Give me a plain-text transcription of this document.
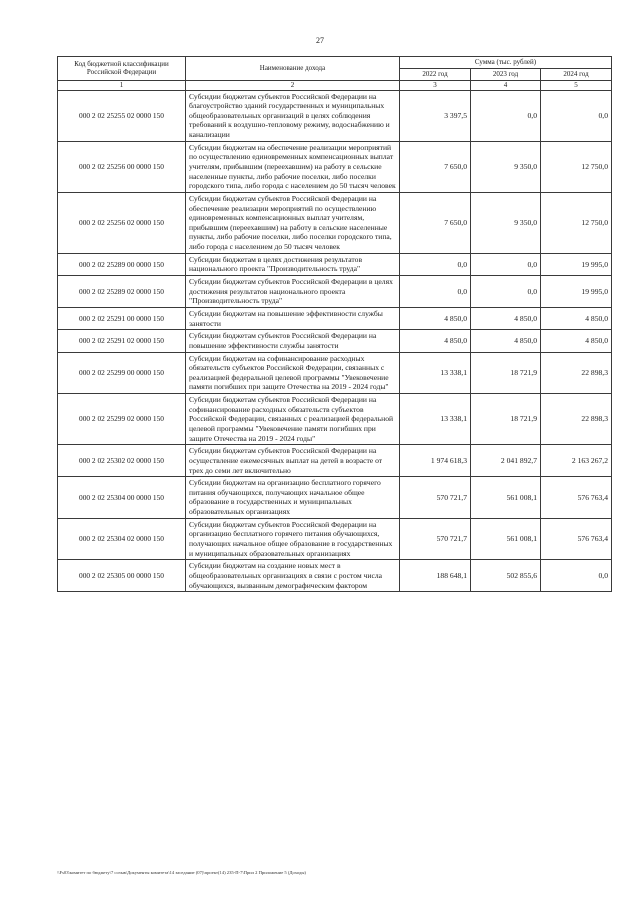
27
Код бюджетной классификации Российской Федерации	Наименование дохода	Сумма (тыс. рублей)		
		2022 год	2023 год	2024 год
1	2	3	4	5
000 2 02 25255 02 0000 150	Субсидии бюджетам субъектов Российской Федерации на благоустройство зданий государственных и муниципальных общеобразовательных организаций в целях соблюдения требований к воздушно-тепловому режиму, водоснабжению и канализации	3 397,5	0,0	0,0
000 2 02 25256 00 0000 150	Субсидии бюджетам на обеспечение реализации мероприятий по осуществлению единовременных компенсационных выплат учителям, прибывшим (переехавшим) на работу в сельские населенные пункты, либо рабочие поселки, либо поселки городского типа, либо города с населением до 50 тысяч человек	7 650,0	9 350,0	12 750,0
000 2 02 25256 02 0000 150	Субсидии бюджетам субъектов Российской Федерации на обеспечение реализации мероприятий по осуществлению единовременных компенсационных выплат учителям, прибывшим (переехавшим) на работу в сельские населенные пункты, либо рабочие поселки, либо поселки городского типа, либо города с населением до 50 тысяч человек	7 650,0	9 350,0	12 750,0
000 2 02 25289 00 0000 150	Субсидии бюджетам в целях достижения результатов национального проекта "Производительность труда"	0,0	0,0	19 995,0
000 2 02 25289 02 0000 150	Субсидии бюджетам субъектов Российской Федерации в целях достижения результатов национального проекта "Производительность труда"	0,0	0,0	19 995,0
000 2 02 25291 00 0000 150	Субсидии бюджетам на повышение эффективности службы занятости	4 850,0	4 850,0	4 850,0
000 2 02 25291 02 0000 150	Субсидии бюджетам субъектов Российской Федерации на повышение эффективности службы занятости	4 850,0	4 850,0	4 850,0
000 2 02 25299 00 0000 150	Субсидии бюджетам на софинансирование расходных обязательств субъектов Российской Федерации, связанных с реализацией федеральной целевой программы "Увековечение памяти погибших при защите Отечества на 2019 - 2024 годы"	13 338,1	18 721,9	22 898,3
000 2 02 25299 02 0000 150	Субсидии бюджетам субъектов Российской Федерации на софинансирование расходных обязательств субъектов Российской Федерации, связанных с реализацией федеральной целевой программы "Увековечение памяти погибших при защите Отечества на 2019 - 2024 годы"	13 338,1	18 721,9	22 898,3
000 2 02 25302 02 0000 150	Субсидии бюджетам субъектов Российской Федерации на осуществление ежемесячных выплат на детей в возрасте от трех до семи лет включительно	1 974 618,3	2 041 892,7	2 163 267,2
000 2 02 25304 00 0000 150	Субсидии бюджетам на организацию бесплатного горячего питания обучающихся, получающих начальное общее образование в государственных и муниципальных образовательных организациях	570 721,7	561 008,1	576 763,4
000 2 02 25304 02 0000 150	Субсидии бюджетам субъектов Российской Федерации на организацию бесплатного горячего питания обучающихся, получающих начальное общее образование в государственных и муниципальных образовательных организациях	570 721,7	561 008,1	576 763,4
000 2 02 25305 00 0000 150	Субсидии бюджетам на создание новых мест в общеобразовательных организациях в связи с ростом числа обучающихся, вызванным демографическим фактором	188 648,1	502 855,6	0,0
\\Fs03\комитет по бюджету\7 созыв\Документы комитета\14 заседание (07)\проект(14) 235-П-7\Прил 2 Приложение 5 (Доходы)
